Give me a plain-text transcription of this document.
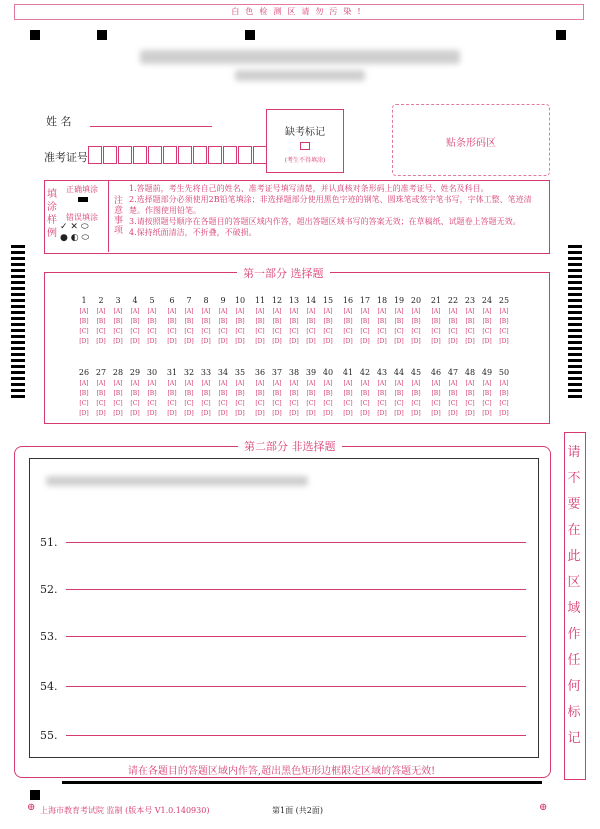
白色检测区请勿污染!
姓 名
准考证号
缺考标记
(考生不得填涂)
贴条形码区
填
涂
样
例
正确填涂
错误填涂
✓ ✕ ⬭
● ◐ ⬭
注
意
事
项
1.答题前，考生先将自己的姓名、准考证号填写清楚，并认真核对条形码上的准考证号、姓名及科目。
2.选择题部分必须使用2B铅笔填涂；非选择题部分使用黑色字迹的钢笔、圆珠笔或签字笔书写，字体工整、笔迹清楚。作图使用铅笔。
3.请按照题号顺序在各题目的答题区域内作答，超出答题区域书写的答案无效；在草稿纸、试题卷上答题无效。
4.保持纸面清洁，不折叠，不破损。
第一部分 选择题
1
[A]
[B]
[C]
[D]
2
[A]
[B]
[C]
[D]
3
[A]
[B]
[C]
[D]
4
[A]
[B]
[C]
[D]
5
[A]
[B]
[C]
[D]
6
[A]
[B]
[C]
[D]
7
[A]
[B]
[C]
[D]
8
[A]
[B]
[C]
[D]
9
[A]
[B]
[C]
[D]
10
[A]
[B]
[C]
[D]
11
[A]
[B]
[C]
[D]
12
[A]
[B]
[C]
[D]
13
[A]
[B]
[C]
[D]
14
[A]
[B]
[C]
[D]
15
[A]
[B]
[C]
[D]
16
[A]
[B]
[C]
[D]
17
[A]
[B]
[C]
[D]
18
[A]
[B]
[C]
[D]
19
[A]
[B]
[C]
[D]
20
[A]
[B]
[C]
[D]
21
[A]
[B]
[C]
[D]
22
[A]
[B]
[C]
[D]
23
[A]
[B]
[C]
[D]
24
[A]
[B]
[C]
[D]
25
[A]
[B]
[C]
[D]
26
[A]
[B]
[C]
[D]
27
[A]
[B]
[C]
[D]
28
[A]
[B]
[C]
[D]
29
[A]
[B]
[C]
[D]
30
[A]
[B]
[C]
[D]
31
[A]
[B]
[C]
[D]
32
[A]
[B]
[C]
[D]
33
[A]
[B]
[C]
[D]
34
[A]
[B]
[C]
[D]
35
[A]
[B]
[C]
[D]
36
[A]
[B]
[C]
[D]
37
[A]
[B]
[C]
[D]
38
[A]
[B]
[C]
[D]
39
[A]
[B]
[C]
[D]
40
[A]
[B]
[C]
[D]
41
[A]
[B]
[C]
[D]
42
[A]
[B]
[C]
[D]
43
[A]
[B]
[C]
[D]
44
[A]
[B]
[C]
[D]
45
[A]
[B]
[C]
[D]
46
[A]
[B]
[C]
[D]
47
[A]
[B]
[C]
[D]
48
[A]
[B]
[C]
[D]
49
[A]
[B]
[C]
[D]
50
[A]
[B]
[C]
[D]
第二部分 非选择题
51.
52.
53.
54.
55.
请在各题目的答题区域内作答,超出黑色矩形边框限定区域的答题无效!
请
不
要
在
此
区
域
作
任
何
标
记
⊕ 上海市教育考试院 监制 (版本号 V1.0.140930)	第1面 (共2面)	⊕
